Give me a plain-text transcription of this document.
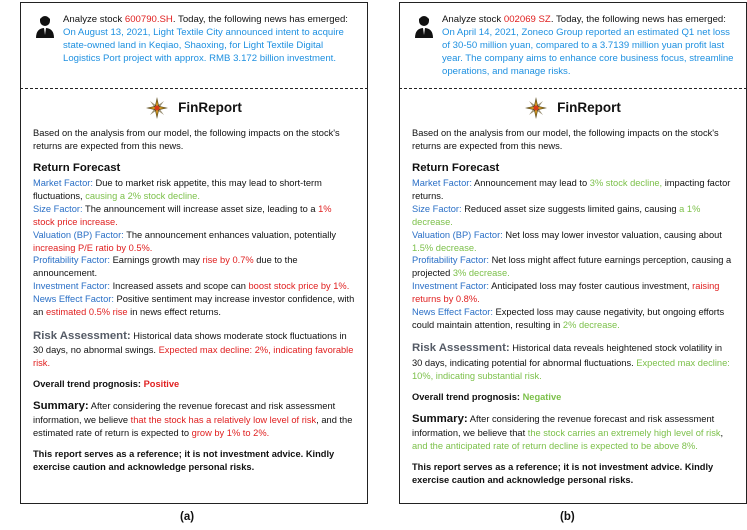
Analyze stock 600790.SH. Today, the following news has emerged: On August 13, 2021, Light Textile City announced intent to acquire state-owned land in Keqiao, Shaoxing, for Light Textile Digital Logistics Port project with approx. RMB 3.172 billion investment.
FinReport

Based on the analysis from our model, the following impacts on the stock's returns are expected from this news.

Return Forecast

Market Factor: Due to market risk appetite, this may lead to short-term fluctuations, causing a 2% stock decline.

Size Factor: The announcement will increase asset size, leading to a 1% stock price increase.

Valuation (BP) Factor: The announcement enhances valuation, potentially increasing P/E ratio by 0.5%.

Profitability Factor: Earnings growth may rise by 0.7% due to the announcement.

Investment Factor: Increased assets and scope can boost stock price by 1%.

News Effect Factor: Positive sentiment may increase investor confidence, with an estimated 0.5% rise in news effect returns.

Risk Assessment: Historical data shows moderate stock fluctuations in 30 days, no abnormal swings. Expected max decline: 2%, indicating favorable risk.

Overall trend prognosis: Positive

Summary: After considering the revenue forecast and risk assessment information, we believe that the stock has a relatively low level of risk, and the estimated rate of return is expected to grow by 1% to 2%.

This report serves as a reference; it is not investment advice. Kindly exercise caution and acknowledge personal risks.

Analyze stock 002069 SZ. Today, the following news has emerged: On April 14, 2021, Zoneco Group reported an estimated Q1 net loss of 30-50 million yuan, compared to a 3.7139 million yuan profit last year. The company aims to enhance core business focus, streamline operations, and manage risks.
FinReport

Based on the analysis from our model, the following impacts on the stock's returns are expected from this news.

Return Forecast

Market Factor: Announcement may lead to 3% stock decline, impacting factor returns.

Size Factor: Reduced asset size suggests limited gains, causing a 1% decrease.

Valuation (BP) Factor: Net loss may lower investor valuation, causing about 1.5% decrease.

Profitability Factor: Net loss might affect future earnings perception, causing a projected 3% decrease.

Investment Factor: Anticipated loss may foster cautious investment, raising returns by 0.8%.

News Effect Factor: Expected loss may cause negativity, but ongoing efforts could maintain attention, resulting in 2% decrease.

Risk Assessment: Historical data reveals heightened stock volatility in 30 days, indicating potential for abnormal fluctuations. Expected max decline: 10%, indicating substantial risk.

Overall trend prognosis: Negative

Summary: After considering the revenue forecast and risk assessment information, we believe that the stock carries an extremely high level of risk, and the anticipated rate of return decline is expected to be above 8%.

This report serves as a reference; it is not investment advice. Kindly exercise caution and acknowledge personal risks.

(a)	(b)
